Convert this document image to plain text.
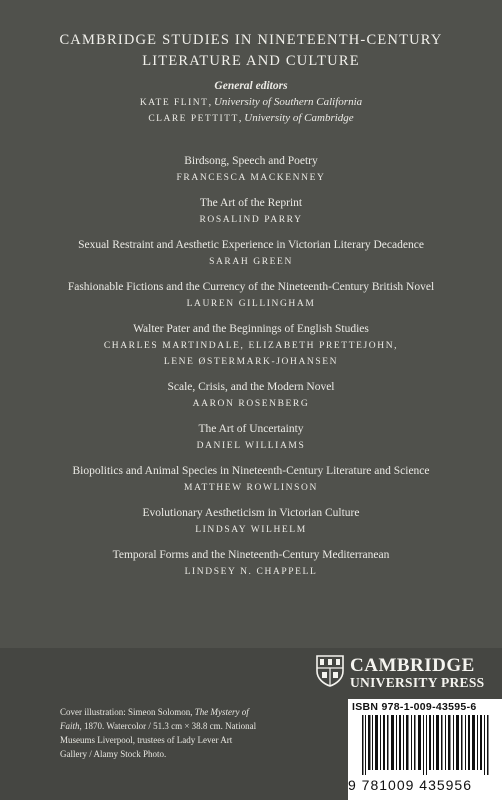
CAMBRIDGE STUDIES IN NINETEENTH-CENTURY
LITERATURE AND CULTURE
General editors
KATE FLINT, University of Southern California
CLARE PETTITT, University of Cambridge
Birdsong, Speech and Poetry
FRANCESCA MACKENNEY
The Art of the Reprint
ROSALIND PARRY
Sexual Restraint and Aesthetic Experience in Victorian Literary Decadence
SARAH GREEN
Fashionable Fictions and the Currency of the Nineteenth-Century British Novel
LAUREN GILLINGHAM
Walter Pater and the Beginnings of English Studies
CHARLES MARTINDALE, ELIZABETH PRETTEJOHN,
LENE ØSTERMARK-JOHANSEN
Scale, Crisis, and the Modern Novel
AARON ROSENBERG
The Art of Uncertainty
DANIEL WILLIAMS
Biopolitics and Animal Species in Nineteenth-Century Literature and Science
MATTHEW ROWLINSON
Evolutionary Aestheticism in Victorian Culture
LINDSAY WILHELM
Temporal Forms and the Nineteenth-Century Mediterranean
LINDSEY N. CHAPPELL
CAMBRIDGE
UNIVERSITY PRESS
Cover illustration: Simeon Solomon, The Mystery of Faith, 1870. Watercolor / 51.3 cm × 38.8 cm. National Museums Liverpool, trustees of Lady Lever Art Gallery / Alamy Stock Photo.
ISBN 978-1-009-43595-6
9 781009 435956
